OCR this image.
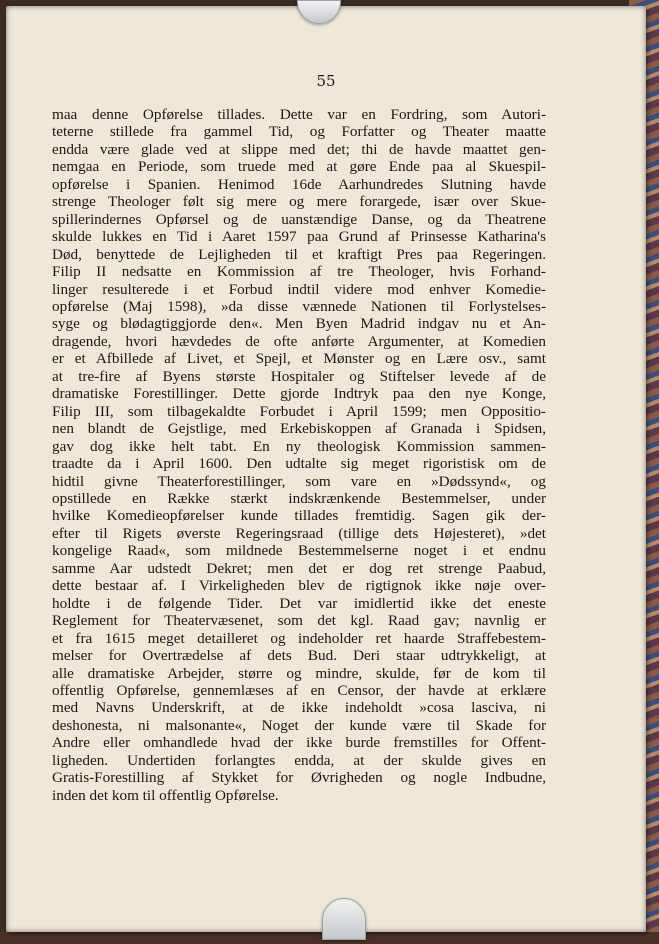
55
maa denne Opførelse tillades. Dette var en Fordring, som Autori-
teterne stillede fra gammel Tid, og Forfatter og Theater maatte
endda være glade ved at slippe med det; thi de havde maattet gen-
nemgaa en Periode, som truede med at gøre Ende paa al Skuespil-
opførelse i Spanien. Henimod 16de Aarhundredes Slutning havde
strenge Theologer følt sig mere og mere forargede, især over Skue-
spillerindernes Opførsel og de uanstændige Danse, og da Theatrene
skulde lukkes en Tid i Aaret 1597 paa Grund af Prinsesse Katharina's
Død, benyttede de Lejligheden til et kraftigt Pres paa Regeringen.
Filip II nedsatte en Kommission af tre Theologer, hvis Forhand-
linger resulterede i et Forbud indtil videre mod enhver Komedie-
opførelse (Maj 1598), »da disse vænnede Nationen til Forlystelses-
syge og blødagtiggjorde den«. Men Byen Madrid indgav nu et An-
dragende, hvori hævdedes de ofte anførte Argumenter, at Komedien
er et Afbillede af Livet, et Spejl, et Mønster og en Lære osv., samt
at tre-fire af Byens største Hospitaler og Stiftelser levede af de
dramatiske Forestillinger. Dette gjorde Indtryk paa den nye Konge,
Filip III, som tilbagekaldte Forbudet i April 1599; men Oppositio-
nen blandt de Gejstlige, med Erkebiskoppen af Granada i Spidsen,
gav dog ikke helt tabt. En ny theologisk Kommission sammen-
traadte da i April 1600. Den udtalte sig meget rigoristisk om de
hidtil givne Theaterforestillinger, som vare en »Dødssynd«, og
opstillede en Række stærkt indskrænkende Bestemmelser, under
hvilke Komedieopførelser kunde tillades fremtidig. Sagen gik der-
efter til Rigets øverste Regeringsraad (tillige dets Højesteret), »det
kongelige Raad«, som mildnede Bestemmelserne noget i et endnu
samme Aar udstedt Dekret; men det er dog ret strenge Paabud,
dette bestaar af. I Virkeligheden blev de rigtignok ikke nøje over-
holdte i de følgende Tider. Det var imidlertid ikke det eneste
Reglement for Theatervæsenet, som det kgl. Raad gav; navnlig er
et fra 1615 meget detailleret og indeholder ret haarde Straffebestem-
melser for Overtrædelse af dets Bud. Deri staar udtrykkeligt, at
alle dramatiske Arbejder, større og mindre, skulde, før de kom til
offentlig Opførelse, gennemlæses af en Censor, der havde at erklære
med Navns Underskrift, at de ikke indeholdt »cosa lasciva, ni
deshonesta, ni malsonante«, Noget der kunde være til Skade for
Andre eller omhandlede hvad der ikke burde fremstilles for Offent-
ligheden. Undertiden forlangtes endda, at der skulde gives en
Gratis-Forestilling af Stykket for Øvrigheden og nogle Indbudne,
inden det kom til offentlig Opførelse.
